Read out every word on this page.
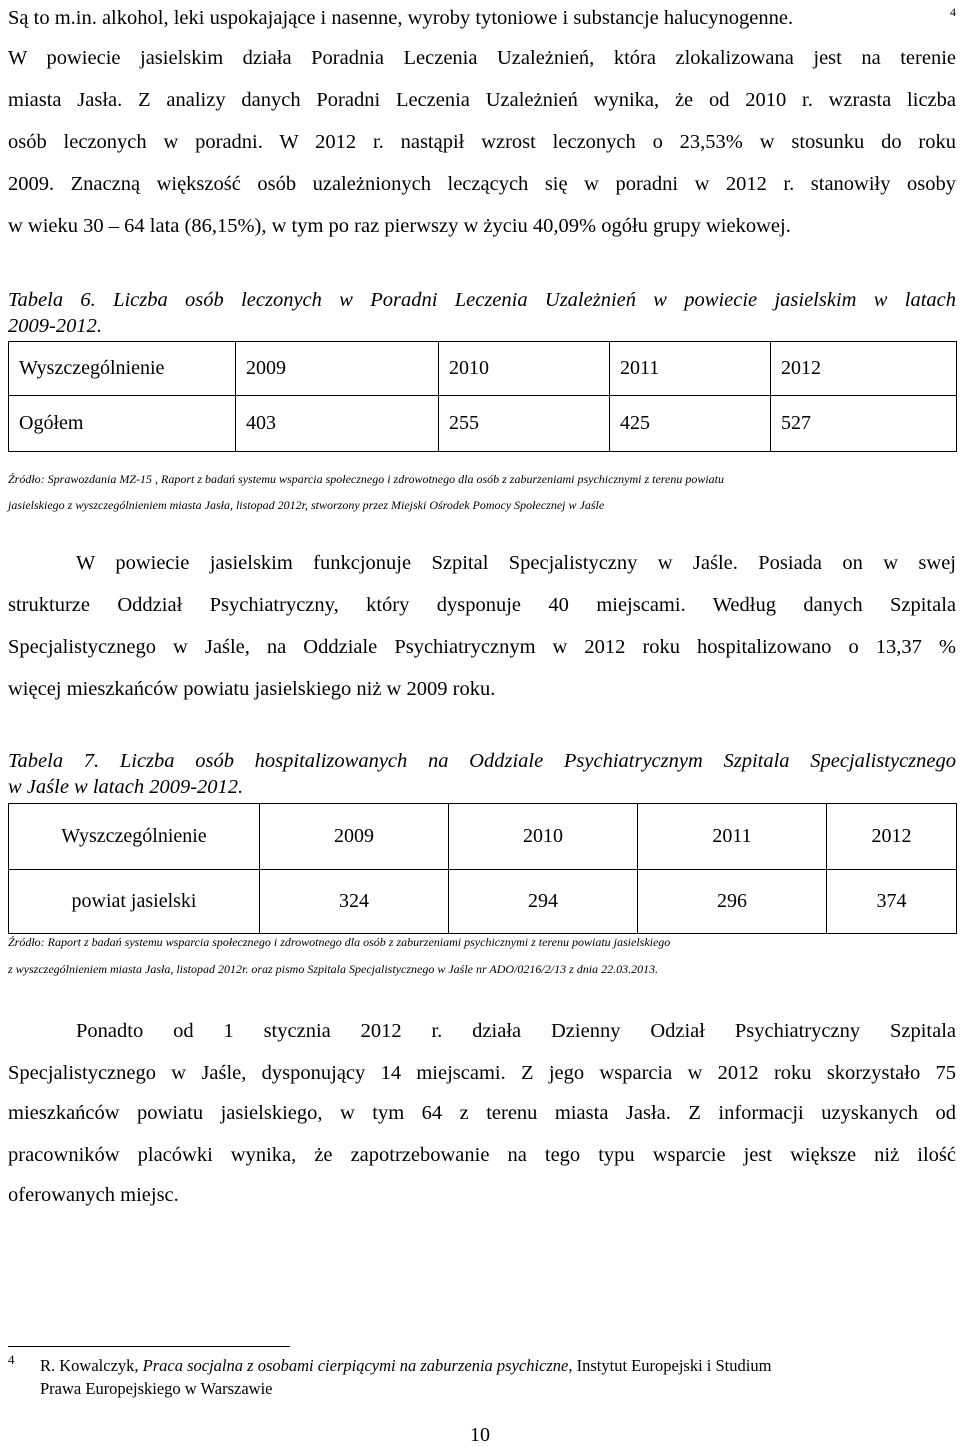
Są to m.in. alkohol, leki uspokajające i nasenne, wyroby tytoniowe i substancje halucynogenne.	4
W powiecie jasielskim działa Poradnia Leczenia Uzależnień, która zlokalizowana jest na terenie
miasta Jasła. Z analizy danych Poradni Leczenia Uzależnień wynika, że od 2010 r. wzrasta liczba
osób leczonych w poradni. W 2012 r. nastąpił wzrost leczonych o 23,53% w stosunku do roku
2009. Znaczną większość osób uzależnionych leczących się w poradni w 2012 r. stanowiły osoby
w wieku 30 – 64 lata (86,15%), w tym po raz pierwszy w życiu 40,09% ogółu grupy wiekowej.
Tabela 6. Liczba osób leczonych w Poradni Leczenia Uzależnień w powiecie jasielskim w latach
2009-2012.
Wyszczególnienie	2009	2010	2011	2012
Ogółem	403	255	425	527
Źródło: Sprawozdania MZ-15 , Raport z badań systemu wsparcia społecznego i zdrowotnego dla osób z zaburzeniami psychicznymi z terenu powiatu
jasielskiego z wyszczególnieniem miasta Jasła, listopad 2012r, stworzony przez Miejski Ośrodek Pomocy Społecznej w Jaśle
W powiecie jasielskim funkcjonuje Szpital Specjalistyczny w Jaśle. Posiada on w swej
strukturze Oddział Psychiatryczny, który dysponuje 40 miejscami. Według danych Szpitala
Specjalistycznego w Jaśle, na Oddziale Psychiatrycznym w 2012 roku hospitalizowano o 13,37 %
więcej mieszkańców powiatu jasielskiego niż w 2009 roku.
Tabela 7. Liczba osób hospitalizowanych na Oddziale Psychiatrycznym Szpitala Specjalistycznego
w Jaśle w latach 2009-2012.
Wyszczególnienie	2009	2010	2011	2012
powiat jasielski	324	294	296	374
Źródło: Raport z badań systemu wsparcia społecznego i zdrowotnego dla osób z zaburzeniami psychicznymi z terenu powiatu jasielskiego
z wyszczególnieniem miasta Jasła, listopad 2012r. oraz pismo Szpitala Specjalistycznego w Jaśle nr ADO/0216/2/13 z dnia 22.03.2013.
Ponadto od 1 stycznia 2012 r. działa Dzienny Odział Psychiatryczny Szpitala
Specjalistycznego w Jaśle, dysponujący 14 miejscami. Z jego wsparcia w 2012 roku skorzystało 75
mieszkańców powiatu jasielskiego, w tym 64 z terenu miasta Jasła. Z informacji uzyskanych od
pracowników placówki wynika, że zapotrzebowanie na tego typu wsparcie jest większe niż ilość
oferowanych miejsc.
4 R. Kowalczyk, Praca socjalna z osobami cierpiącymi na zaburzenia psychiczne, Instytut Europejski i Studium
Prawa Europejskiego w Warszawie
10
